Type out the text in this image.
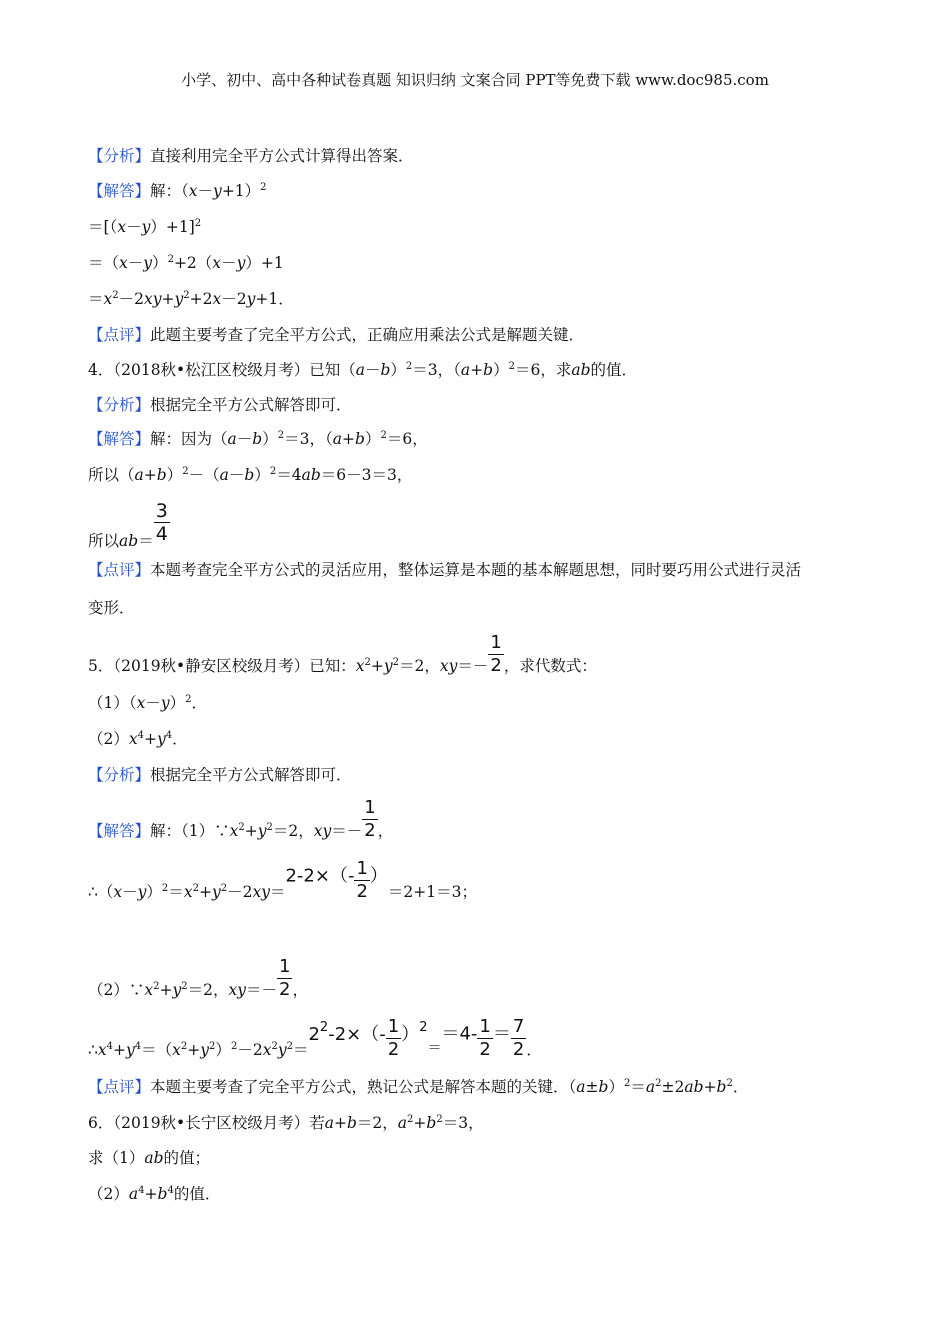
小学、初中、高中各种试卷真题 知识归纳 文案合同 PPT等免费下载 www.doc985.com
【分析】直接利用完全平方公式计算得出答案．
【解答】解：$(x-y+1)^2$
$=[(x-y)+1]^2$
$=(x-y)^2+2(x-y)+1$
$=x^2-2xy+y^2+2x-2y+1$．
【点评】此题主要考查了完全平方公式，正确应用乘法公式是解题关键．
4．（2018秋•松江区校级月考）已知$(a-b)^2=3$，$(a+b)^2=6$，求ab的值．
【分析】根据完全平方公式解答即可．
【解答】解：因为$(a-b)^2=3$，$(a+b)^2=6$，
所以$(a+b)^2-(a-b)^2=4ab=6-3=3$，
所以$ab= \frac{3}{4}$
【点评】本题考查完全平方公式的灵活应用，整体运算是本题的基本解题思想，同时要巧用公式进行灵活
变形．
5．（2019秋•静安区校级月考）已知：$x^2+y^2=2$，$xy=- \frac{1}{2}$ ，求代数式：
$(1)(x-y)^2$．
$(2)x^4+y^4$．
【分析】根据完全平方公式解答即可．
【解答】解：$(1)\because x^2+y^2=2$，$xy=- \frac{1}{2}$ ，
$\therefore(x-y)^2=x^2+y^2-2xy=2-2\times(- \frac{1}{2} )=2+1=3$；
$(2)\because x^2+y^2=2$，$xy=- \frac{1}{2}$ ，
$\therefore x^4+y^4=(x^2+y^2)^2-2x^2y^2=2^2-2\times(- \frac{1}{2} )^2==4- \frac{1}{2} = \frac{7}{2}$ ．
【点评】本题主要考查了完全平方公式，熟记公式是解答本题的关键．$(a\pm b)^2=a^2\pm 2ab+b^2$．
6．（2019秋•长宁区校级月考）若a+b＝2，$a^2+b^2=3$，
求（1）ab的值；
$(2)a^4+b^4$的值．
